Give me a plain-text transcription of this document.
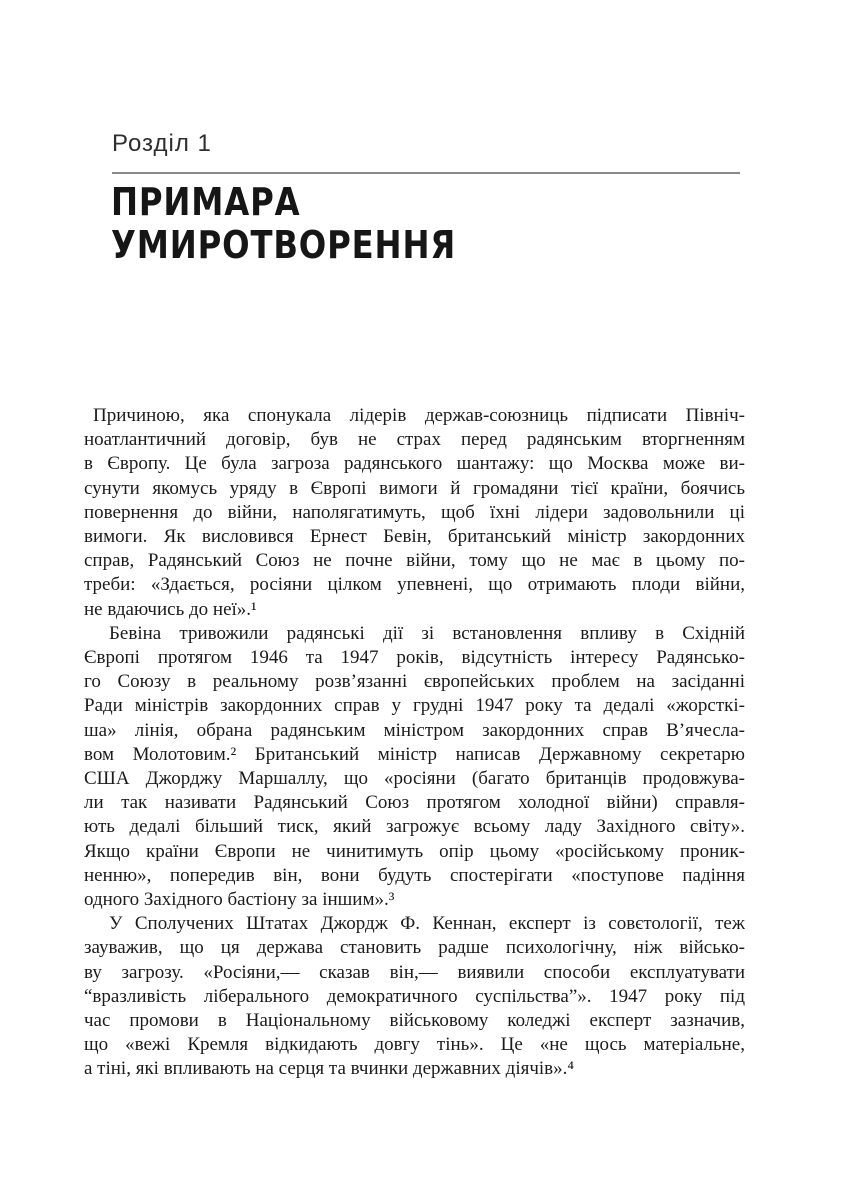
Розділ 1
ПРИМАРА
УМИРОТВОРЕННЯ
Причиною, яка спонукала лідерів держав-союзниць підписати Північ-
ноатлантичний договір, був не страх перед радянським вторгненням
в Європу. Це була загроза радянського шантажу: що Москва може ви-
сунути якомусь уряду в Європі вимоги й громадяни тієї країни, боячись
повернення до війни, наполягатимуть, щоб їхні лідери задовольнили ці
вимоги. Як висловився Ернест Бевін, британський міністр закордонних
справ, Радянський Союз не почне війни, тому що не має в цьому по-
треби: «Здається, росіяни цілком упевнені, що отримають плоди війни,
не вдаючись до неї».¹
Бевіна тривожили радянські дії зі встановлення впливу в Східній
Європі протягом 1946 та 1947 років, відсутність інтересу Радянсько-
го Союзу в реальному розв’язанні європейських проблем на засіданні
Ради міністрів закордонних справ у грудні 1947 року та дедалі «жорсткі-
ша» лінія, обрана радянським міністром закордонних справ В’ячесла-
вом Молотовим.² Британський міністр написав Державному секретарю
США Джорджу Маршаллу, що «росіяни (багато британців продовжува-
ли так називати Радянський Союз протягом холодної війни) справля-
ють дедалі більший тиск, який загрожує всьому ладу Західного світу».
Якщо країни Європи не чинитимуть опір цьому «російському проник-
ненню», попередив він, вони будуть спостерігати «поступове падіння
одного Західного бастіону за іншим».³
У Сполучених Штатах Джордж Ф. Кеннан, експерт із совєтології, теж
зауважив, що ця держава становить радше психологічну, ніж військо-
ву загрозу. «Росіяни,— сказав він,— виявили способи експлуатувати
“вразливість ліберального демократичного суспільства”». 1947 року під
час промови в Національному військовому коледжі експерт зазначив,
що «вежі Кремля відкидають довгу тінь». Це «не щось матеріальне,
а тіні, які впливають на серця та вчинки державних діячів».⁴
